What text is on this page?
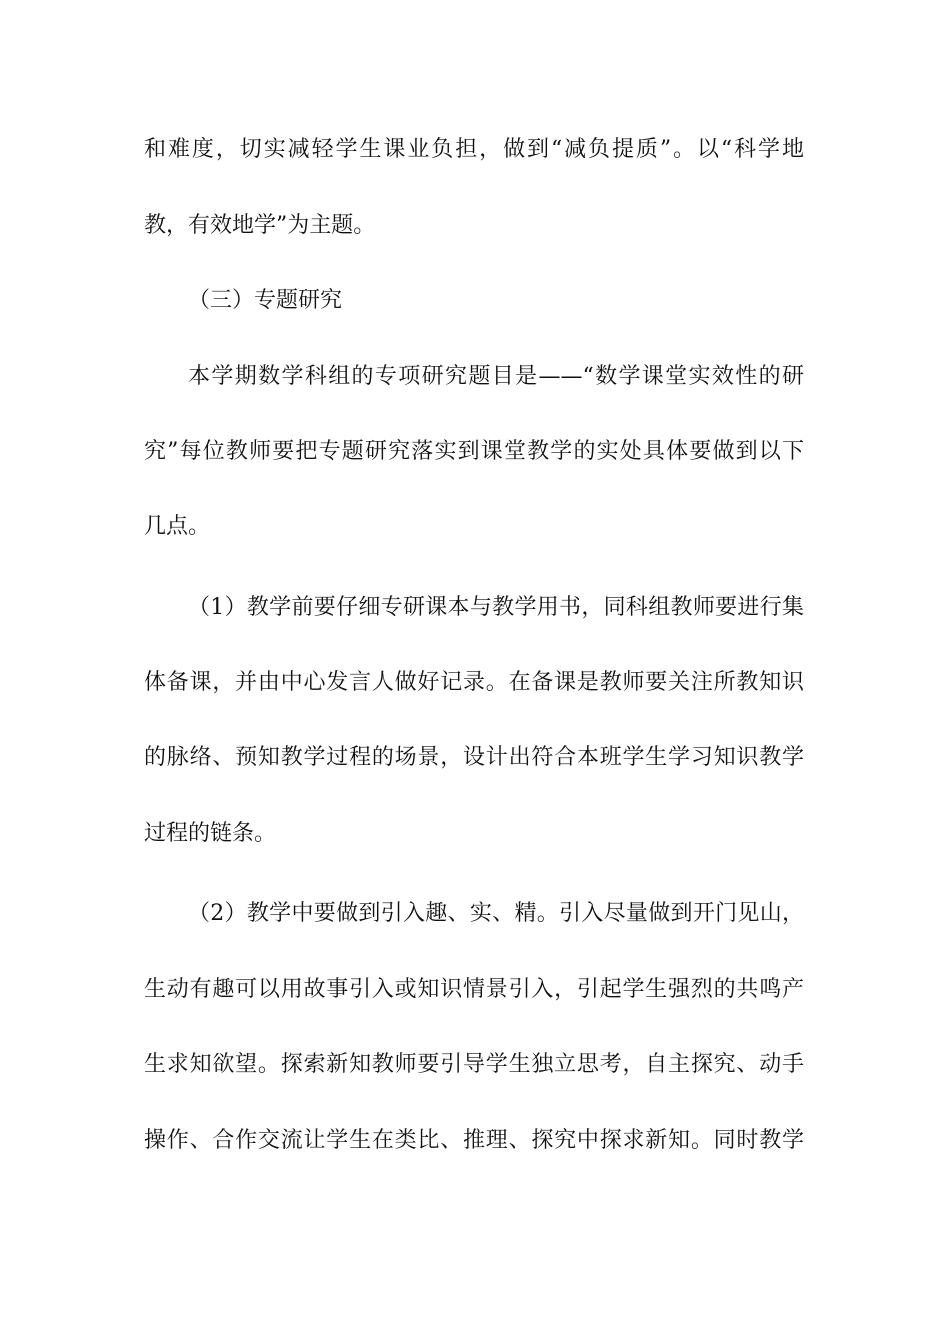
和难度，切实减轻学生课业负担，做到“减负提质”。以“科学地
教，有效地学”为主题。
（三）专题研究
本学期数学科组的专项研究题目是——“数学课堂实效性的研
究”每位教师要把专题研究落实到课堂教学的实处具体要做到以下
几点。
（1）教学前要仔细专研课本与教学用书，同科组教师要进行集
体备课，并由中心发言人做好记录。在备课是教师要关注所教知识
的脉络、预知教学过程的场景，设计出符合本班学生学习知识教学
过程的链条。
（2）教学中要做到引入趣、实、精。引入尽量做到开门见山，
生动有趣可以用故事引入或知识情景引入，引起学生强烈的共鸣产
生求知欲望。探索新知教师要引导学生独立思考，自主探究、动手
操作、合作交流让学生在类比、推理、探究中探求新知。同时教学
